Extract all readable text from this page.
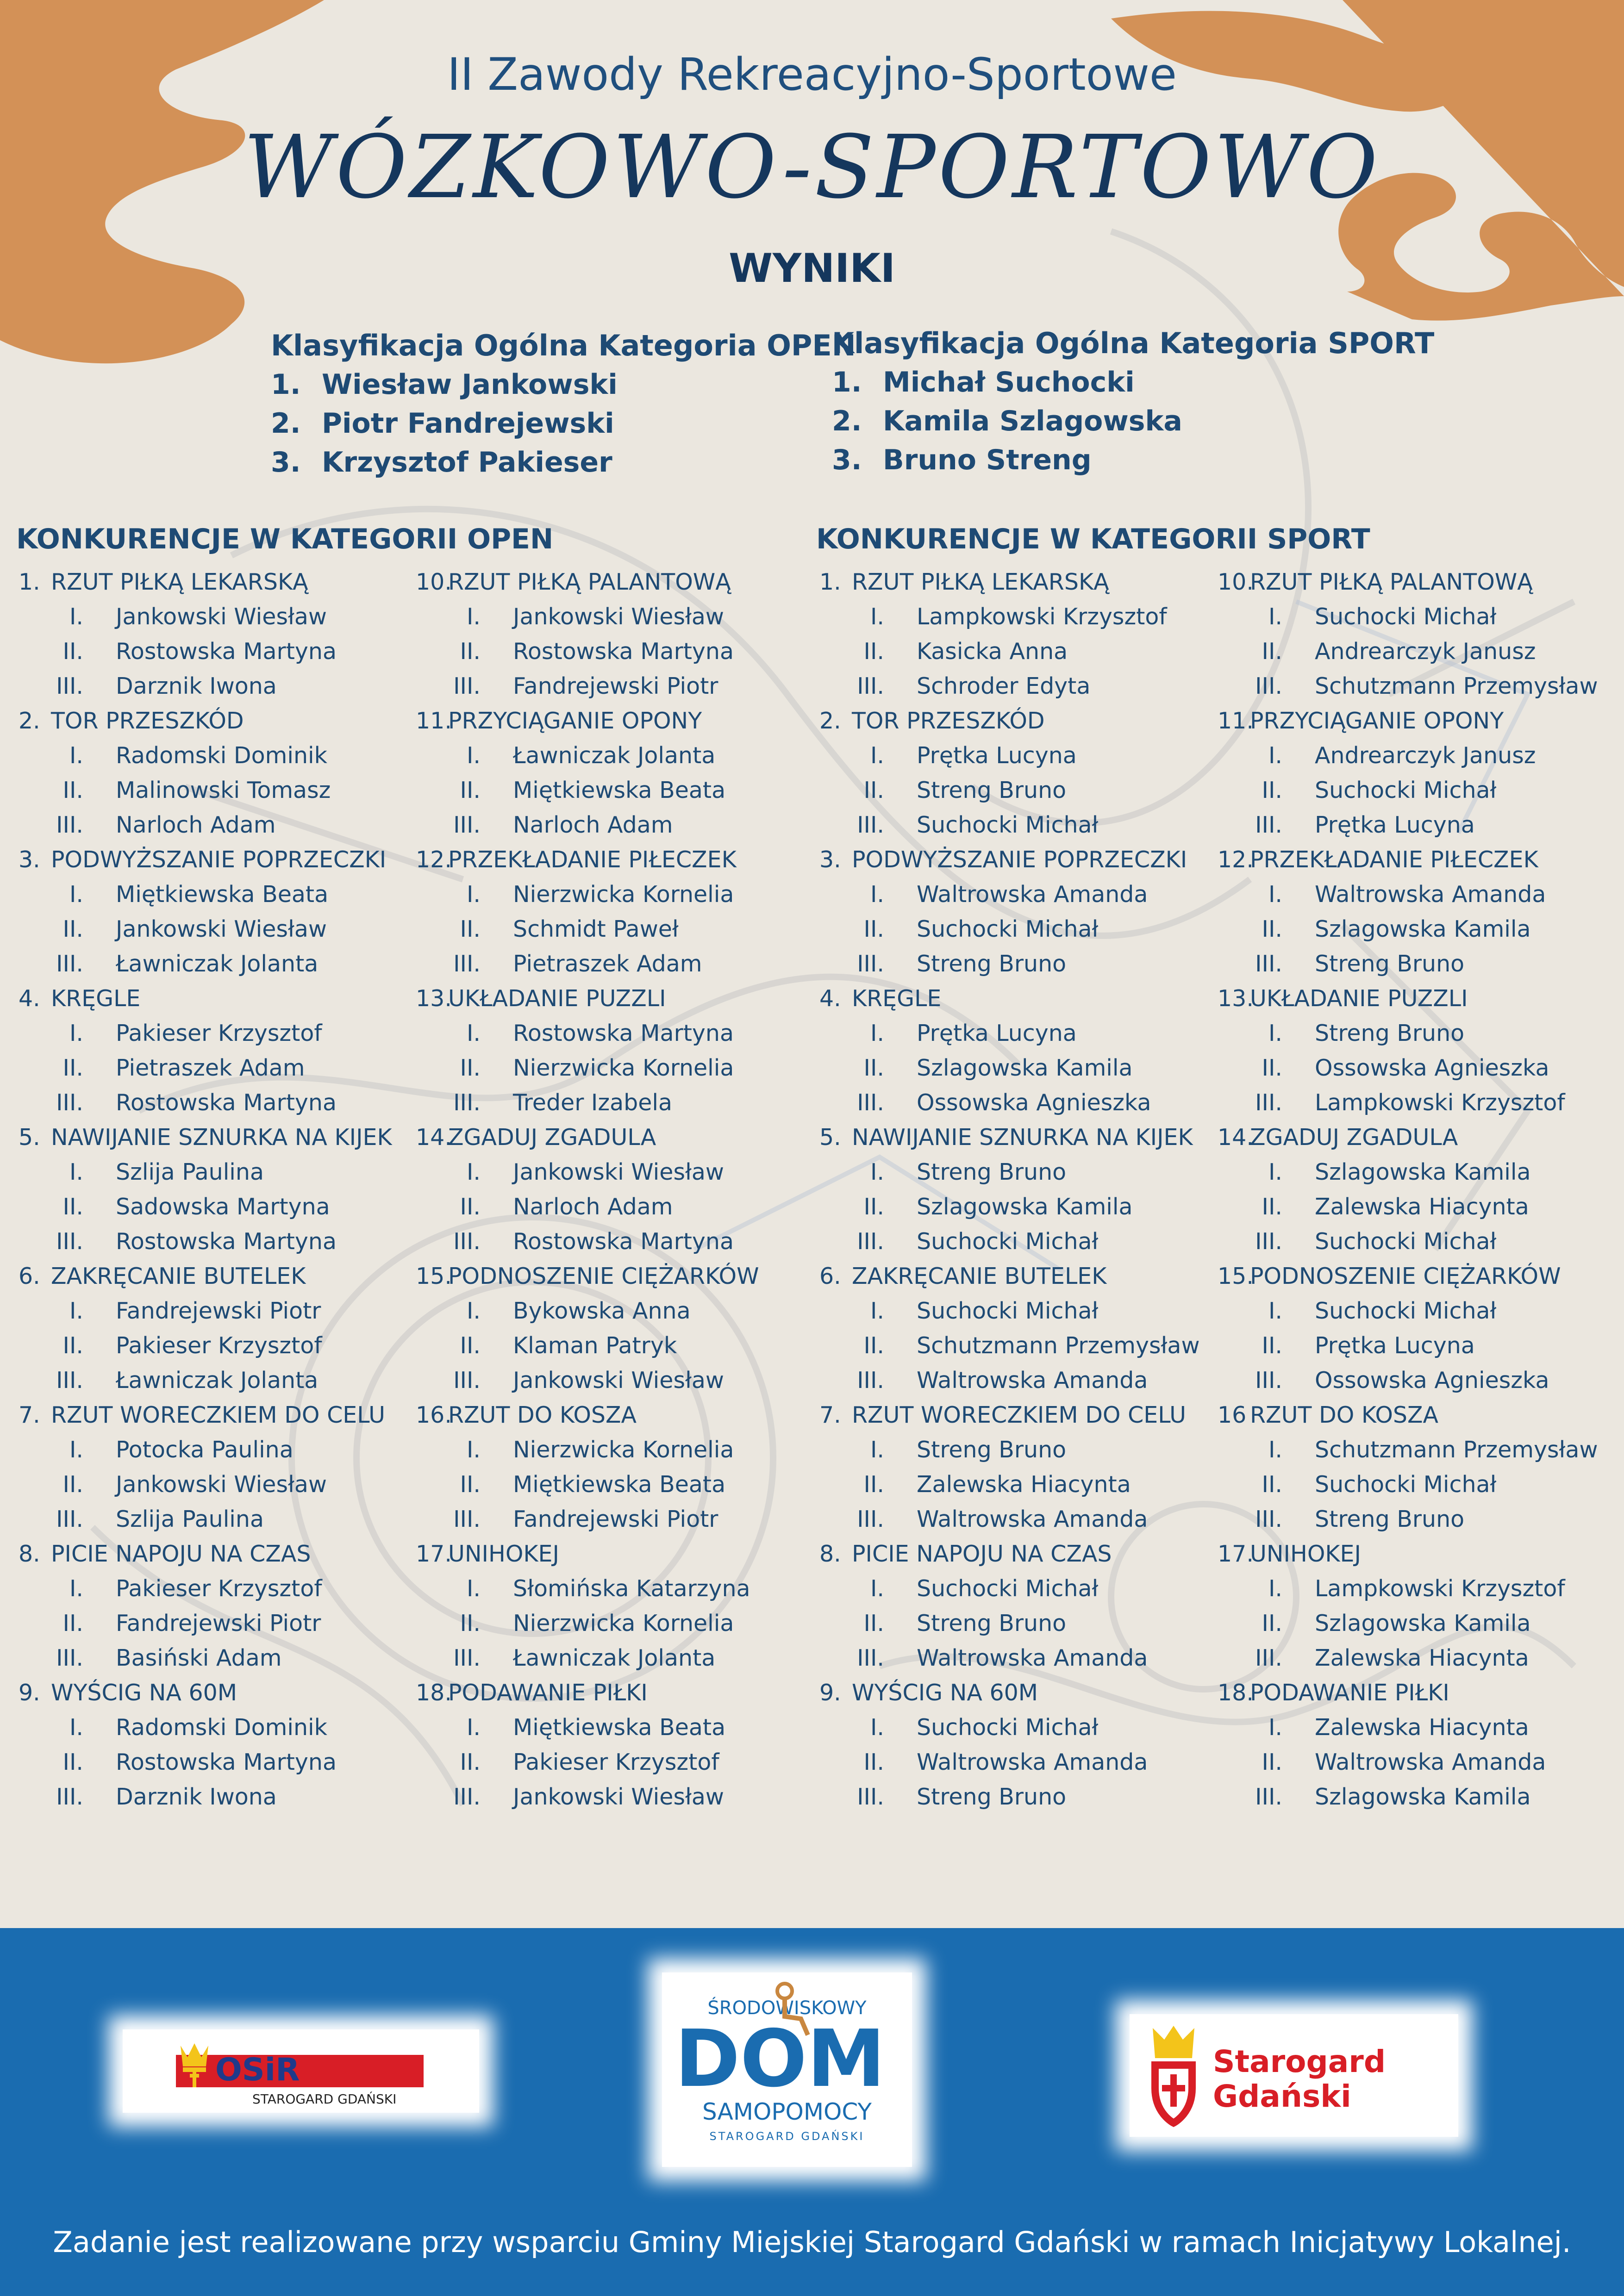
II Zawody Rekreacyjno-Sportowe
WÓZKOWO-SPORTOWO
WYNIKI
Klasyfikacja Ogólna Kategoria OPEN
1. Wiesław Jankowski
2. Piotr Fandrejewski
3. Krzysztof Pakieser
Klasyfikacja Ogólna Kategoria SPORT
1. Michał Suchocki
2. Kamila Szlagowska
3. Bruno Streng
KONKURENCJE W KATEGORII OPEN	KONKURENCJE W KATEGORII SPORT
1. RZUT PIŁKĄ LEKARSKĄ
I. Jankowski Wiesław
II. Rostowska Martyna
III. Darznik Iwona
2. TOR PRZESZKÓD
I. Radomski Dominik
II. Malinowski Tomasz
III. Narloch Adam
3. PODWYŻSZANIE POPRZECZKI
I. Miętkiewska Beata
II. Jankowski Wiesław
III. Ławniczak Jolanta
4. KRĘGLE
I. Pakieser Krzysztof
II. Pietraszek Adam
III. Rostowska Martyna
5. NAWIJANIE SZNURKA NA KIJEK
I. Szlija Paulina
II. Sadowska Martyna
III. Rostowska Martyna
6. ZAKRĘCANIE BUTELEK
I. Fandrejewski Piotr
II. Pakieser Krzysztof
III. Ławniczak Jolanta
7. RZUT WORECZKIEM DO CELU
I. Potocka Paulina
II. Jankowski Wiesław
III. Szlija Paulina
8. PICIE NAPOJU NA CZAS
I. Pakieser Krzysztof
II. Fandrejewski Piotr
III. Basiński Adam
9. WYŚCIG NA 60M
I. Radomski Dominik
II. Rostowska Martyna
III. Darznik Iwona
10.RZUT PIŁKĄ PALANTOWĄ
I. Jankowski Wiesław
II. Rostowska Martyna
III. Fandrejewski Piotr
11.PRZYCIĄGANIE OPONY
I. Ławniczak Jolanta
II. Miętkiewska Beata
III. Narloch Adam
12.PRZEKŁADANIE PIŁECZEK
I. Nierzwicka Kornelia
II. Schmidt Paweł
III. Pietraszek Adam
13.UKŁADANIE PUZZLI
I. Rostowska Martyna
II. Nierzwicka Kornelia
III. Treder Izabela
14.ZGADUJ ZGADULA
I. Jankowski Wiesław
II. Narloch Adam
III. Rostowska Martyna
15.PODNOSZENIE CIĘŻARKÓW
I. Bykowska Anna
II. Klaman Patryk
III. Jankowski Wiesław
16.RZUT DO KOSZA
I. Nierzwicka Kornelia
II. Miętkiewska Beata
III. Fandrejewski Piotr
17.UNIHOKEJ
I. Słomińska Katarzyna
II. Nierzwicka Kornelia
III. Ławniczak Jolanta
18.PODAWANIE PIŁKI
I. Miętkiewska Beata
II. Pakieser Krzysztof
III. Jankowski Wiesław
1. RZUT PIŁKĄ LEKARSKĄ
I. Lampkowski Krzysztof
II. Kasicka Anna
III. Schroder Edyta
2. TOR PRZESZKÓD
I. Prętka Lucyna
II. Streng Bruno
III. Suchocki Michał
3. PODWYŻSZANIE POPRZECZKI
I. Waltrowska Amanda
II. Suchocki Michał
III. Streng Bruno
4. KRĘGLE
I. Prętka Lucyna
II. Szlagowska Kamila
III. Ossowska Agnieszka
5. NAWIJANIE SZNURKA NA KIJEK
I. Streng Bruno
II. Szlagowska Kamila
III. Suchocki Michał
6. ZAKRĘCANIE BUTELEK
I. Suchocki Michał
II. Schutzmann Przemysław
III. Waltrowska Amanda
7. RZUT WORECZKIEM DO CELU
I. Streng Bruno
II. Zalewska Hiacynta
III. Waltrowska Amanda
8. PICIE NAPOJU NA CZAS
I. Suchocki Michał
II. Streng Bruno
III. Waltrowska Amanda
9. WYŚCIG NA 60M
I. Suchocki Michał
II. Waltrowska Amanda
III. Streng Bruno
10.RZUT PIŁKĄ PALANTOWĄ
I. Suchocki Michał
II. Andrearczyk Janusz
III. Schutzmann Przemysław
11.PRZYCIĄGANIE OPONY
I. Andrearczyk Janusz
II. Suchocki Michał
III. Prętka Lucyna
12.PRZEKŁADANIE PIŁECZEK
I. Waltrowska Amanda
II. Szlagowska Kamila
III. Streng Bruno
13.UKŁADANIE PUZZLI
I. Streng Bruno
II. Ossowska Agnieszka
III. Lampkowski Krzysztof
14.ZGADUJ ZGADULA
I. Szlagowska Kamila
II. Zalewska Hiacynta
III. Suchocki Michał
15.PODNOSZENIE CIĘŻARKÓW
I. Suchocki Michał
II. Prętka Lucyna
III. Ossowska Agnieszka
16 RZUT DO KOSZA
I. Schutzmann Przemysław
II. Suchocki Michał
III. Streng Bruno
17.UNIHOKEJ
I. Lampkowski Krzysztof
II. Szlagowska Kamila
III. Zalewska Hiacynta
18.PODAWANIE PIŁKI
I. Zalewska Hiacynta
II. Waltrowska Amanda
III. Szlagowska Kamila
OSiR
STAROGARD GDAŃSKI
ŚRODOWISKOWY
DOM
SAMOPOMOCY
STAROGARD GDAŃSKI
Starogard
Gdański
Zadanie jest realizowane przy wsparciu Gminy Miejskiej Starogard Gdański w ramach Inicjatywy Lokalnej.
